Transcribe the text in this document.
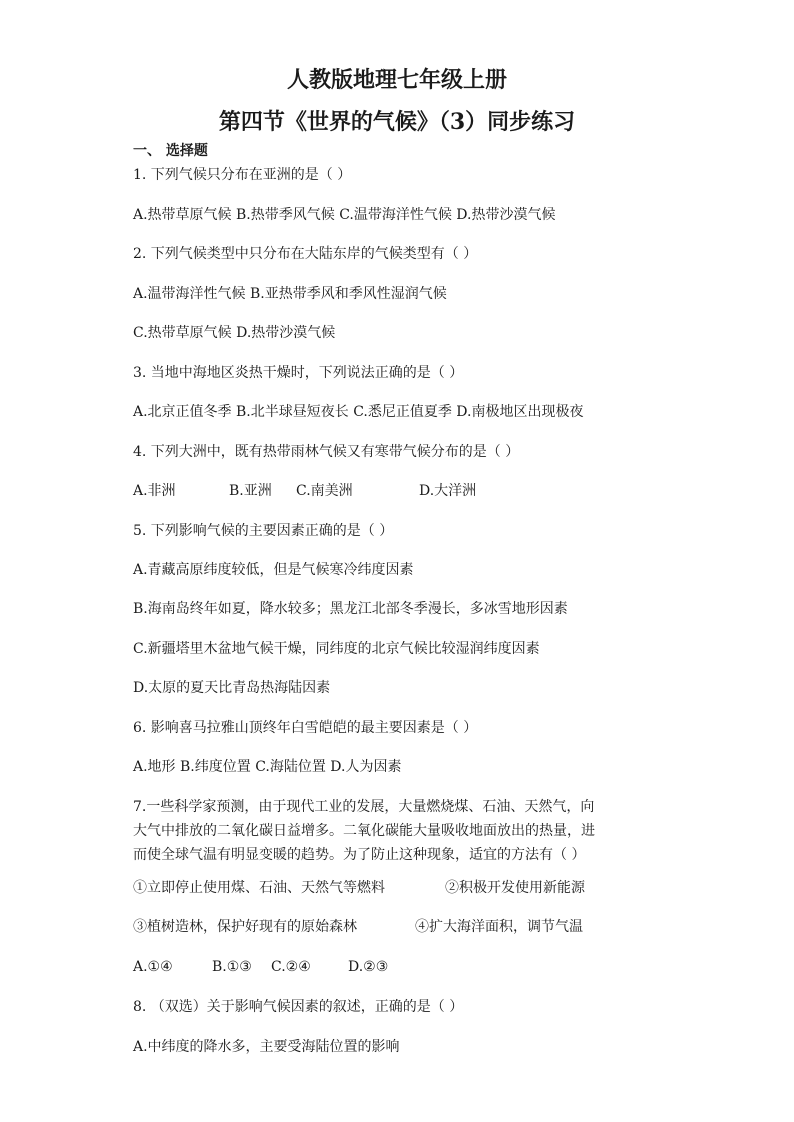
人教版地理七年级上册
第四节《世界的气候》（3）同步练习
一、 选择题
1. 下列气候只分布在亚洲的是（ ）
A.热带草原气候 B.热带季风气候 C.温带海洋性气候 D.热带沙漠气候
2. 下列气候类型中只分布在大陆东岸的气候类型有（ ）
A.温带海洋性气候 B.亚热带季风和季风性湿润气候
C.热带草原气候 D.热带沙漠气候
3. 当地中海地区炎热干燥时，下列说法正确的是（ ）
A.北京正值冬季 B.北半球昼短夜长 C.悉尼正值夏季 D.南极地区出现极夜
4. 下列大洲中，既有热带雨林气候又有寒带气候分布的是（ ）
A.非洲	B.亚洲 C.南美洲	D.大洋洲
5. 下列影响气候的主要因素正确的是（ ）
A.青藏高原纬度较低，但是气候寒冷纬度因素
B.海南岛终年如夏，降水较多；黑龙江北部冬季漫长，多冰雪地形因素
C.新疆塔里木盆地气候干燥，同纬度的北京气候比较湿润纬度因素
D.太原的夏天比青岛热海陆因素
6. 影响喜马拉雅山顶终年白雪皑皑的最主要因素是（ ）
A.地形 B.纬度位置 C.海陆位置 D.人为因素
7.一些科学家预测，由于现代工业的发展，大量燃烧煤、石油、天然气，向
大气中排放的二氧化碳日益增多。二氧化碳能大量吸收地面放出的热量，进
而使全球气温有明显变暖的趋势。为了防止这种现象，适宜的方法有（ ）
①立即停止使用煤、石油、天然气等燃料	②积极开发使用新能源
③植树造林，保护好现有的原始森林	④扩大海洋面积，调节气温
A.①④	B.①③ C.②④	D.②③
8. （双选）关于影响气候因素的叙述，正确的是（ ）
A.中纬度的降水多，主要受海陆位置的影响
